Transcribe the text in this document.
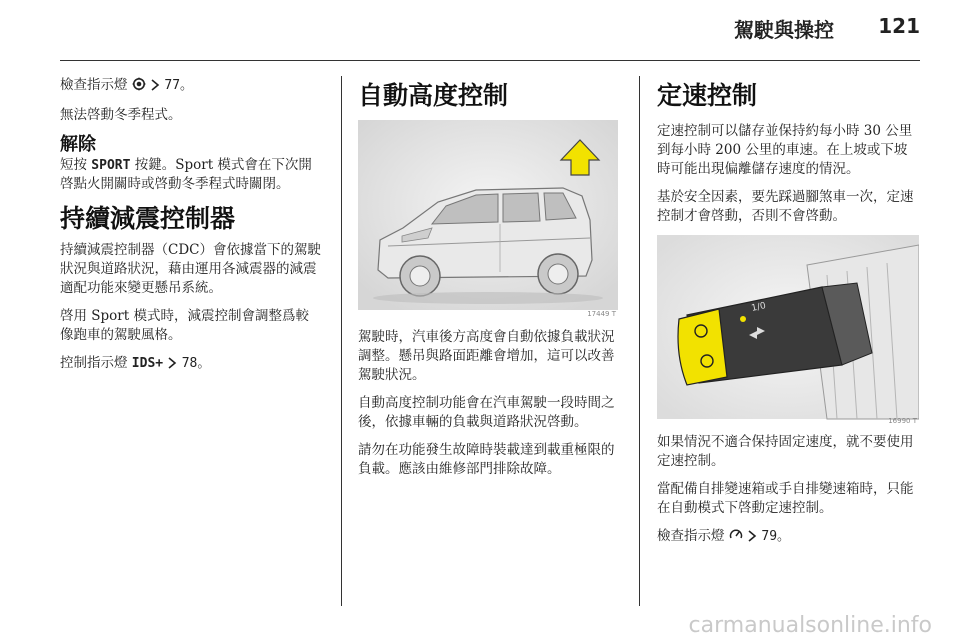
駕駛與操控 121

檢查指示燈	77。

無法啓動冬季程式。

解除

短按 SPORT 按鍵。Sport 模式會在下次開啓點火開關時或啓動冬季程式時關閉。

持續減震控制器

持續減震控制器（CDC）會依據當下的駕駛狀況與道路狀況，藉由運用各減震器的減震適配功能來變更懸吊系統。

啓用 Sport 模式時，減震控制會調整爲較像跑車的駕駛風格。

控制指示燈 IDS+ 78。

自動高度控制
17449 T

駕駛時，汽車後方高度會自動依據負載狀況調整。懸吊與路面距離會增加，這可以改善駕駛狀況。

自動高度控制功能會在汽車駕駛一段時間之後，依據車輛的負載與道路狀況啓動。

請勿在功能發生故障時裝載達到載重極限的負載。應該由維修部門排除故障。

定速控制

定速控制可以儲存並保持約每小時 30 公里到每小時 200 公里的車速。在上坡或下坡時可能出現偏離儲存速度的情況。

基於安全因素，要先踩過腳煞車一次，定速控制才會啓動，否則不會啓動。

1/0
16990 T

如果情況不適合保持固定速度，就不要使用定速控制。

當配備自排變速箱或手自排變速箱時，只能在自動模式下啓動定速控制。

檢查指示燈	79。

carmanualsonline.info
